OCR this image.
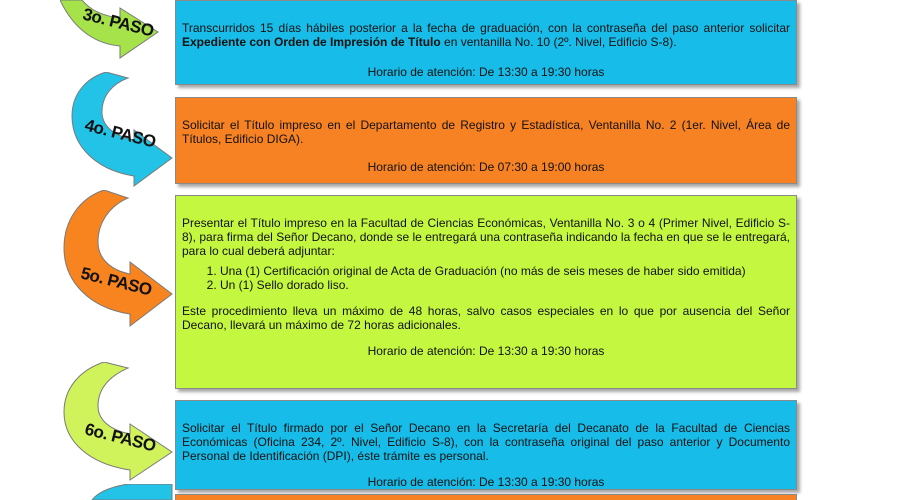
3o. PASO Transcurridos 15 días hábiles posterior a la fecha de graduación, con la contraseña del paso anterior solicitar Expediente con Orden de Impresión de Título en ventanilla No. 10 (2º. Nivel, Edificio S-8).

Horario de atención: De 13:30 a 19:30 horas

4o. PASO Solicitar el Título impreso en el Departamento de Registro y Estadística, Ventanilla No. 2 (1er. Nivel, Área de Títulos, Edificio DIGA).

Horario de atención: De 07:30 a 19:00 horas

5o. PASO

Presentar el Título impreso en la Facultad de Ciencias Económicas, Ventanilla No. 3 o 4 (Primer Nivel, Edificio S-8), para firma del Señor Decano, donde se le entregará una contraseña indicando la fecha en que se le entregará, para lo cual deberá adjuntar:

1. Una (1) Certificación original de Acta de Graduación (no más de seis meses de haber sido emitida)
2. Un (1) Sello dorado liso.

Este procedimiento lleva un máximo de 48 horas, salvo casos especiales en lo que por ausencia del Señor Decano, llevará un máximo de 72 horas adicionales.

Horario de atención: De 13:30 a 19:30 horas

6o. PASO Solicitar el Título firmado por el Señor Decano en la Secretaría del Decanato de la Facultad de Ciencias Económicas (Oficina 234, 2º. Nivel, Edificio S-8), con la contraseña original del paso anterior y Documento Personal de Identificación (DPI), éste trámite es personal.

Horario de atención: De 13:30 a 19:30 horas
